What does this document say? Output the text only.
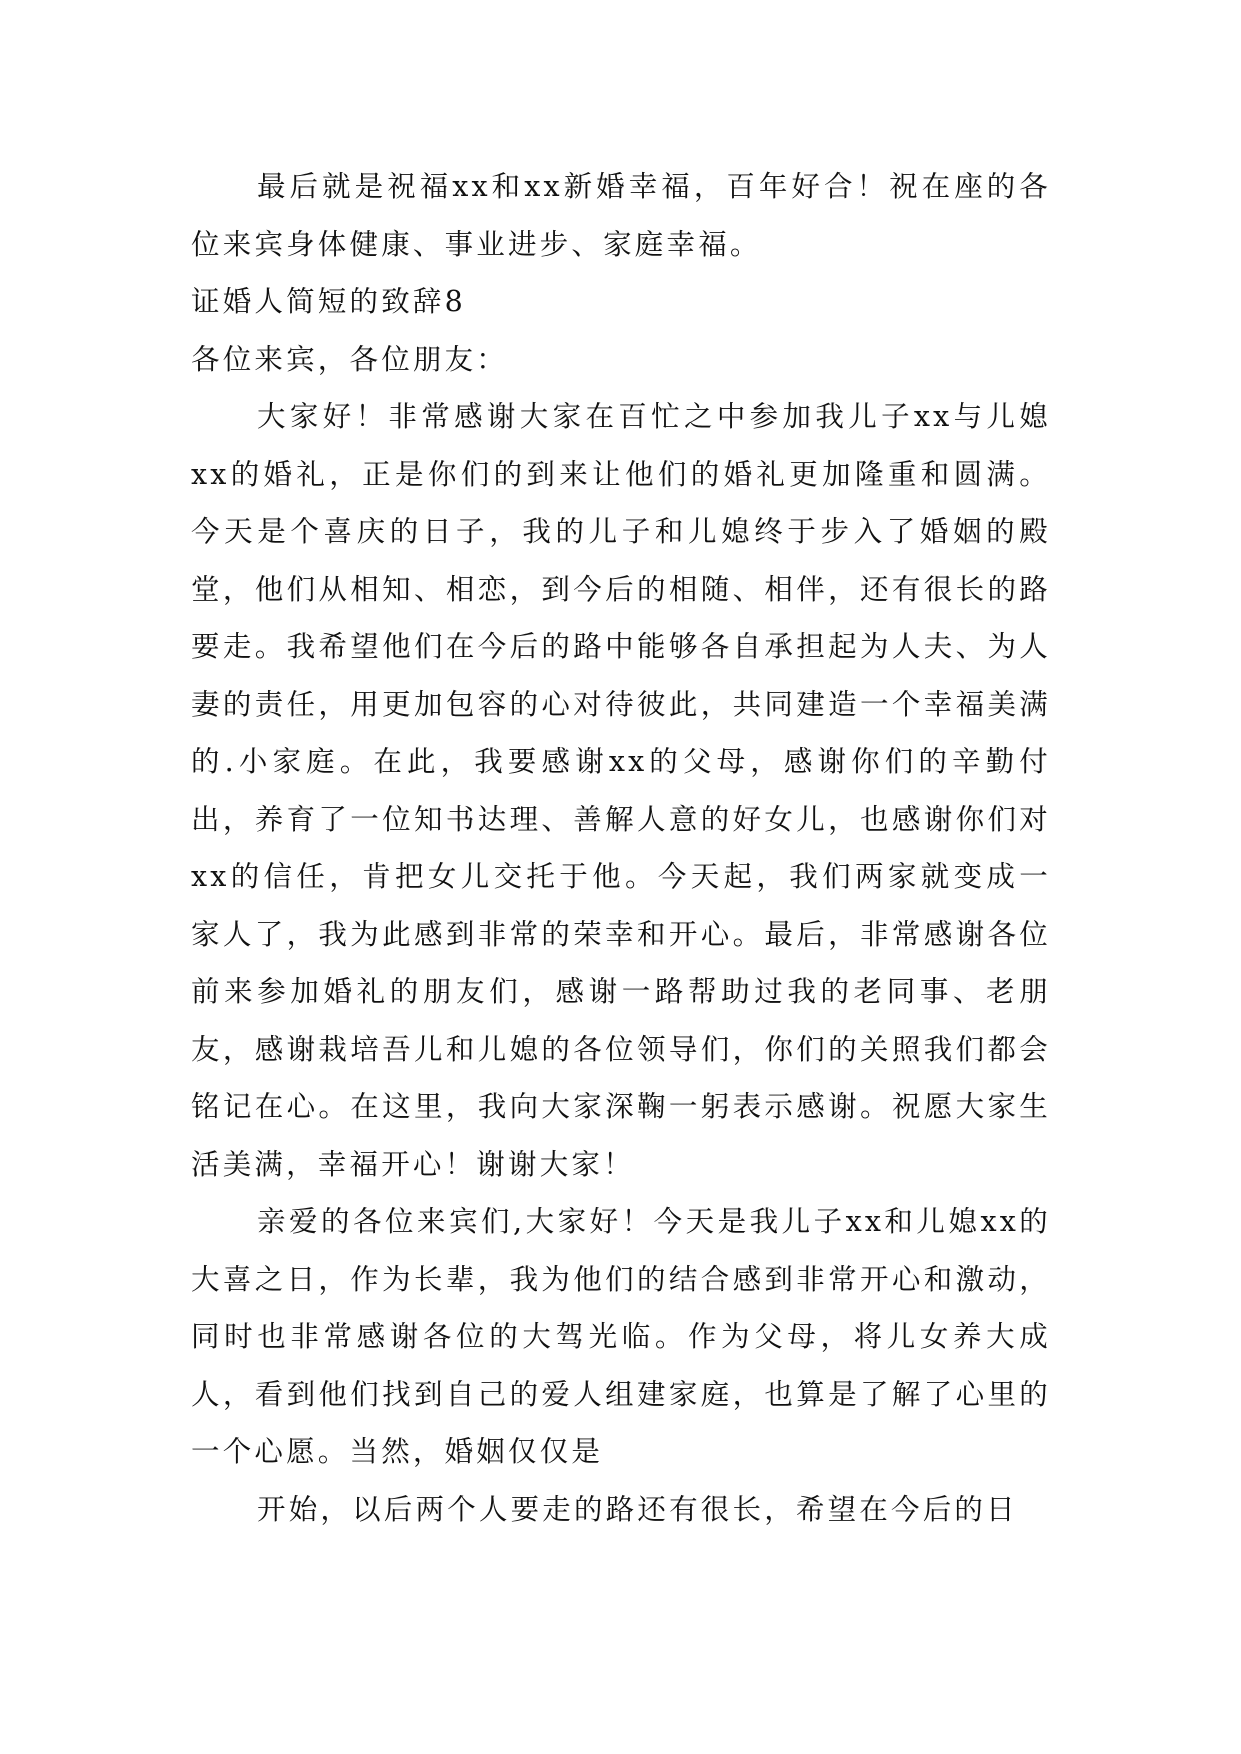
最后就是祝福xx和xx新婚幸福，百年好合！祝在座的各位来宾身体健康、事业进步、家庭幸福。

证婚人简短的致辞8

各位来宾，各位朋友：

大家好！非常感谢大家在百忙之中参加我儿子xx与儿媳xx的婚礼，正是你们的到来让他们的婚礼更加隆重和圆满。今天是个喜庆的日子，我的儿子和儿媳终于步入了婚姻的殿堂，他们从相知、相恋，到今后的相随、相伴，还有很长的路要走。我希望他们在今后的路中能够各自承担起为人夫、为人妻的责任，用更加包容的心对待彼此，共同建造一个幸福美满的.小家庭。在此，我要感谢xx的父母，感谢你们的辛勤付出，养育了一位知书达理、善解人意的好女儿，也感谢你们对xx的信任，肯把女儿交托于他。今天起，我们两家就变成一家人了，我为此感到非常的荣幸和开心。最后，非常感谢各位前来参加婚礼的朋友们，感谢一路帮助过我的老同事、老朋友，感谢栽培吾儿和儿媳的各位领导们，你们的关照我们都会铭记在心。在这里，我向大家深鞠一躬表示感谢。祝愿大家生活美满，幸福开心！谢谢大家！

亲爱的各位来宾们,大家好！今天是我儿子xx和儿媳xx的大喜之日，作为长辈，我为他们的结合感到非常开心和激动，同时也非常感谢各位的大驾光临。作为父母，将儿女养大成人，看到他们找到自己的爱人组建家庭，也算是了解了心里的一个心愿。当然，婚姻仅仅是

开始，以后两个人要走的路还有很长，希望在今后的日
